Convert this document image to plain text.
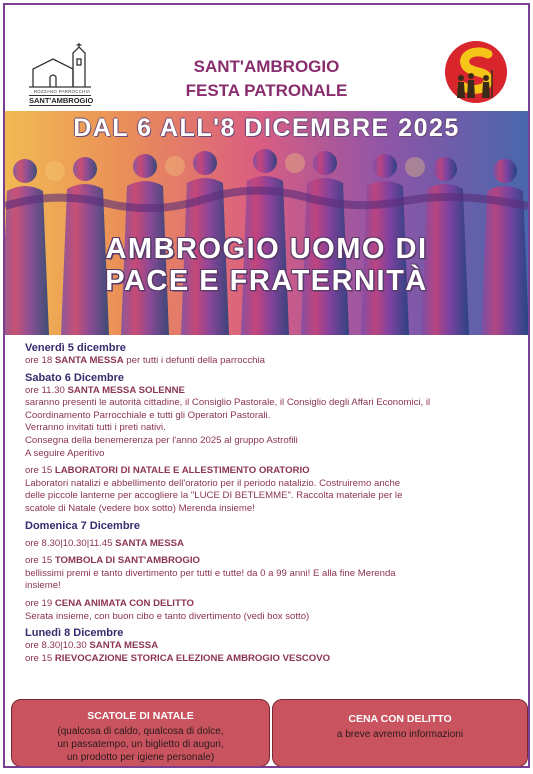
ROZZANO PARROCCHIA
SANT'AMBROGIO
SANT'AMBROGIO
FESTA PATRONALE
DAL 6 ALL'8 DICEMBRE 2025
AMBROGIO UOMO DI
PACE E FRATERNITÀ
Venerdì 5 dicembre

ore 18 SANTA MESSA per tutti i defunti della parrocchia

Sabato 6 Dicembre

ore 11.30 SANTA MESSA SOLENNE

saranno presenti le autorità cittadine, il Consiglio Pastorale, il Consiglio degli Affari Economici, il

Coordinamento Parrocchiale e tutti gli Operatori Pastorali.

Verranno invitati tutti i preti nativi.

Consegna della benemerenza per l'anno 2025 al gruppo Astrofili

A seguire Aperitivo

ore 15 LABORATORI DI NATALE E ALLESTIMENTO ORATORIO

Laboratori natalizi e abbellimento dell'oratorio per il periodo natalizio. Costruiremo anche

delle piccole lanterne per accogliere la "LUCE DI BETLEMME". Raccolta materiale per le

scatole di Natale (vedere box sotto) Merenda insieme!

Domenica 7 Dicembre

ore 8.30|10.30|11.45 SANTA MESSA

ore 15 TOMBOLA DI SANT'AMBROGIO

bellissimi premi e tanto divertimento per tutti e tutte! da 0 a 99 anni! E alla fine Merenda

insieme!

ore 19 CENA ANIMATA CON DELITTO

Serata insieme, con buon cibo e tanto divertimento (vedi box sotto)

Lunedì 8 Dicembre

ore 8.30|10.30 SANTA MESSA

ore 15 RIEVOCAZIONE STORICA ELEZIONE AMBROGIO VESCOVO

SCATOLE DI NATALE
(qualcosa di caldo, qualcosa di dolce,
un passatempo, un biglietto di auguri,
un prodotto per igiene personale)
CENA CON DELITTO
a breve avremo informazioni
